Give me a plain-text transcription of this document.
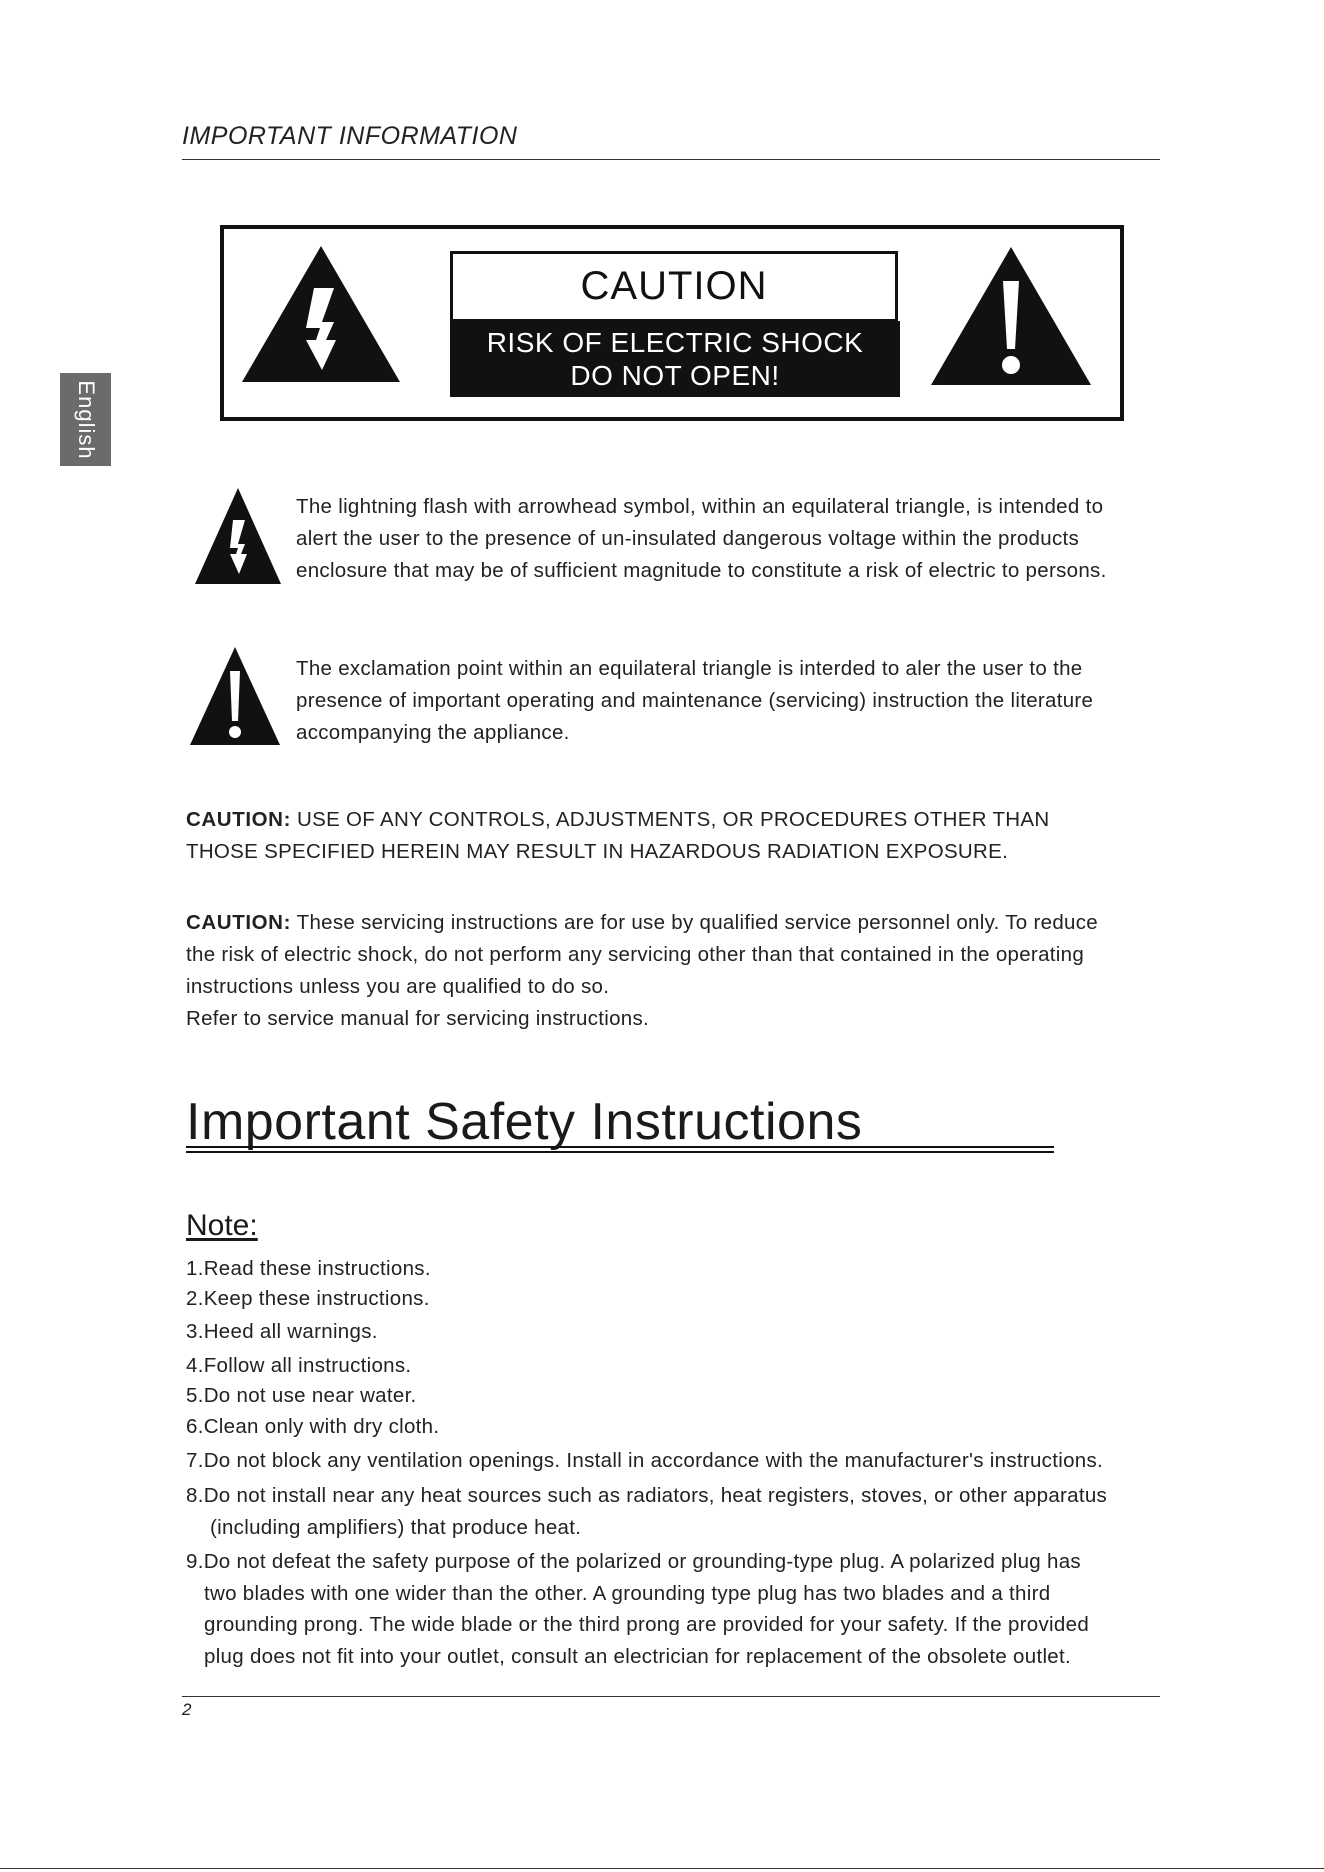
IMPORTANT INFORMATION
English
CAUTION
RISK OF ELECTRIC SHOCK
DO NOT OPEN!
The lightning flash with arrowhead symbol, within an equilateral triangle, is intended to
alert the user to the presence of un-insulated dangerous voltage within the products
enclosure that may be of sufficient magnitude to constitute a risk of electric to persons.
The exclamation point within an equilateral triangle is interded to aler the user to the
presence of important operating and maintenance (servicing) instruction the literature
accompanying the appliance.
CAUTION: USE OF ANY CONTROLS, ADJUSTMENTS, OR PROCEDURES OTHER THAN
THOSE SPECIFIED HEREIN MAY RESULT IN HAZARDOUS RADIATION EXPOSURE.
CAUTION: These servicing instructions are for use by qualified service personnel only. To reduce
the risk of electric shock, do not perform any servicing other than that contained in the operating
instructions unless you are qualified to do so.
Refer to service manual for servicing instructions.
Important Safety Instructions
Note:
1.Read these instructions.
2.Keep these instructions.
3.Heed all warnings.
4.Follow all instructions.
5.Do not use near water.
6.Clean only with dry cloth.
7.Do not block any ventilation openings. Install in accordance with the manufacturer's instructions.
8.Do not install near any heat sources such as radiators, heat registers, stoves, or other apparatus
(including amplifiers) that produce heat.
9.Do not defeat the safety purpose of the polarized or grounding-type plug. A polarized plug has
two blades with one wider than the other. A grounding type plug has two blades and a third
grounding prong. The wide blade or the third prong are provided for your safety. If the provided
plug does not fit into your outlet, consult an electrician for replacement of the obsolete outlet.
2
